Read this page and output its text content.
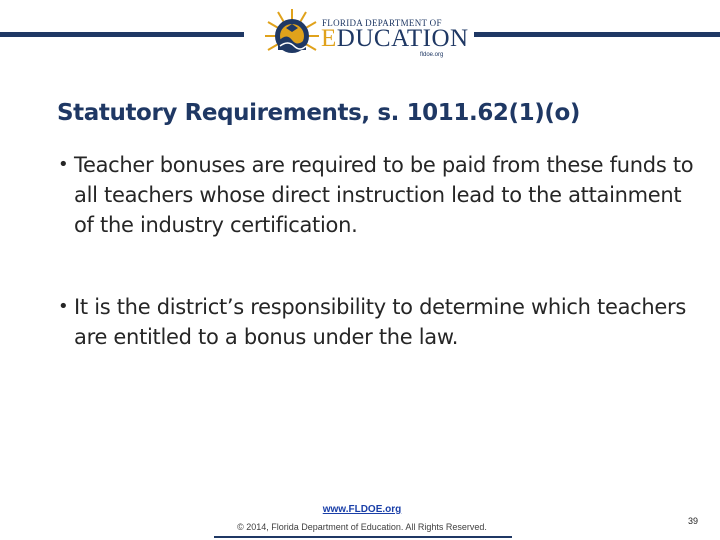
FLORIDA DEPARTMENT OF
EDUCATION
fldoe.org
Statutory Requirements, s. 1011.62(1)(o)
• Teacher bonuses are required to be paid from these funds to all teachers whose direct instruction lead to the attainment of the industry certification.
• It is the district’s responsibility to determine which teachers are entitled to a bonus under the law.
www.FLDOE.org
© 2014, Florida Department of Education. All Rights Reserved.
39
